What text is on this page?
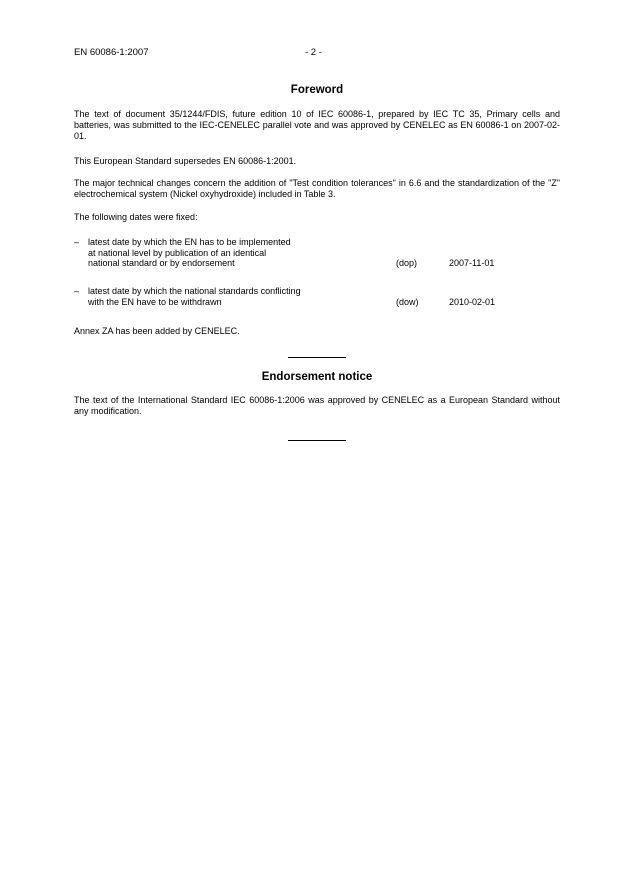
EN 60086-1:2007	- 2 -
Foreword
The text of document 35/1244/FDIS, future edition 10 of IEC 60086-1, prepared by IEC TC 35, Primary cells and batteries, was submitted to the IEC-CENELEC parallel vote and was approved by CENELEC as EN 60086-1 on 2007-02-01.
This European Standard supersedes EN 60086-1:2001.
The major technical changes concern the addition of "Test condition tolerances" in 6.6 and the standardization of the "Z" electrochemical system (Nickel oxyhydroxide) included in Table 3.
The following dates were fixed:
– latest date by which the EN has to be implemented
at national level by publication of an identical
national standard or by endorsement	(dop)	2007-11-01
– latest date by which the national standards conflicting
with the EN have to be withdrawn	(dow)	2010-02-01
Annex ZA has been added by CENELEC.
Endorsement notice
The text of the International Standard IEC 60086-1:2006 was approved by CENELEC as a European Standard without any modification.
